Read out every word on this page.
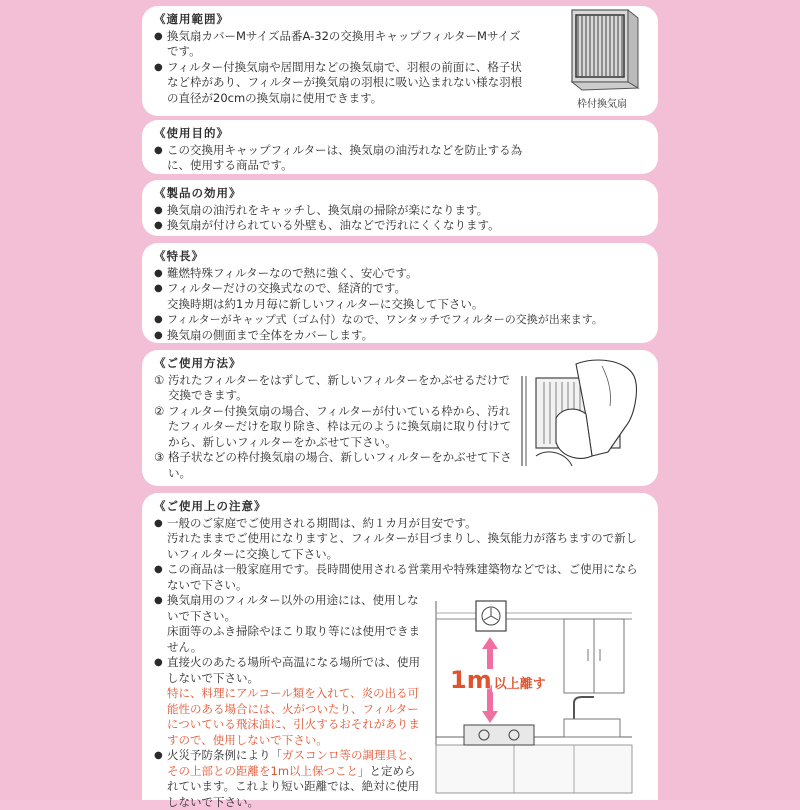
《適用範囲》
● 換気扇カバーMサイズ品番A-32の交換用キャップフィルターMサイズです。
● フィルター付換気扇や居間用などの換気扇で、羽根の前面に、格子状など枠があり、フィルターが換気扇の羽根に吸い込まれない様な羽根の直径が20cmの換気扇に使用できます。	枠付換気扇
《使用目的》
● この交換用キャップフィルターは、換気扇の油汚れなどを防止する為に、使用する商品です。
《製品の効用》
● 換気扇の油汚れをキャッチし、換気扇の掃除が楽になります。
● 換気扇が付けられている外壁も、油などで汚れにくくなります。
《特長》
● 難燃特殊フィルターなので熱に強く、安心です。
● フィルターだけの交換式なので、経済的です。
交換時期は約1カ月毎に新しいフィルターに交換して下さい。
● フィルターがキャップ式（ゴム付）なので、ワンタッチでフィルターの交換が出来ます。
● 換気扇の側面まで全体をカバーします。
《ご使用方法》
① 汚れたフィルターをはずして、新しいフィルターをかぶせるだけで交換できます。
② フィルター付換気扇の場合、フィルターが付いている枠から、汚れたフィルターだけを取り除き、枠は元のように換気扇に取り付けてから、新しいフィルターをかぶせて下さい。
③ 格子状などの枠付換気扇の場合、新しいフィルターをかぶせて下さい。
《ご使用上の注意》
● 一般のご家庭でご使用される期間は、約１カ月が目安です。
汚れたままでご使用になりますと、フィルターが目づまりし、換気能力が落ちますので新しいフィルターに交換して下さい。
● この商品は一般家庭用です。長時間使用される営業用や特殊建築物などでは、ご使用にならないで下さい。
● 換気扇用のフィルター以外の用途には、使用しないで下さい。
床面等のふき掃除やほこり取り等には使用できません。
● 直接火のあたる場所や高温になる場所では、使用しないで下さい。
特に、料理にアルコール類を入れて、炎の出る可能性のある場合には、火がついたり、フィルターについている飛沫油に、引火するおそれがありますので、使用しないで下さい。
● 火災予防条例により「ガスコンロ等の調理具と、その上部との距離を1m以上保つこと」と定められています。これより短い距離では、絶対に使用しないで下さい。
1m 以上離す
